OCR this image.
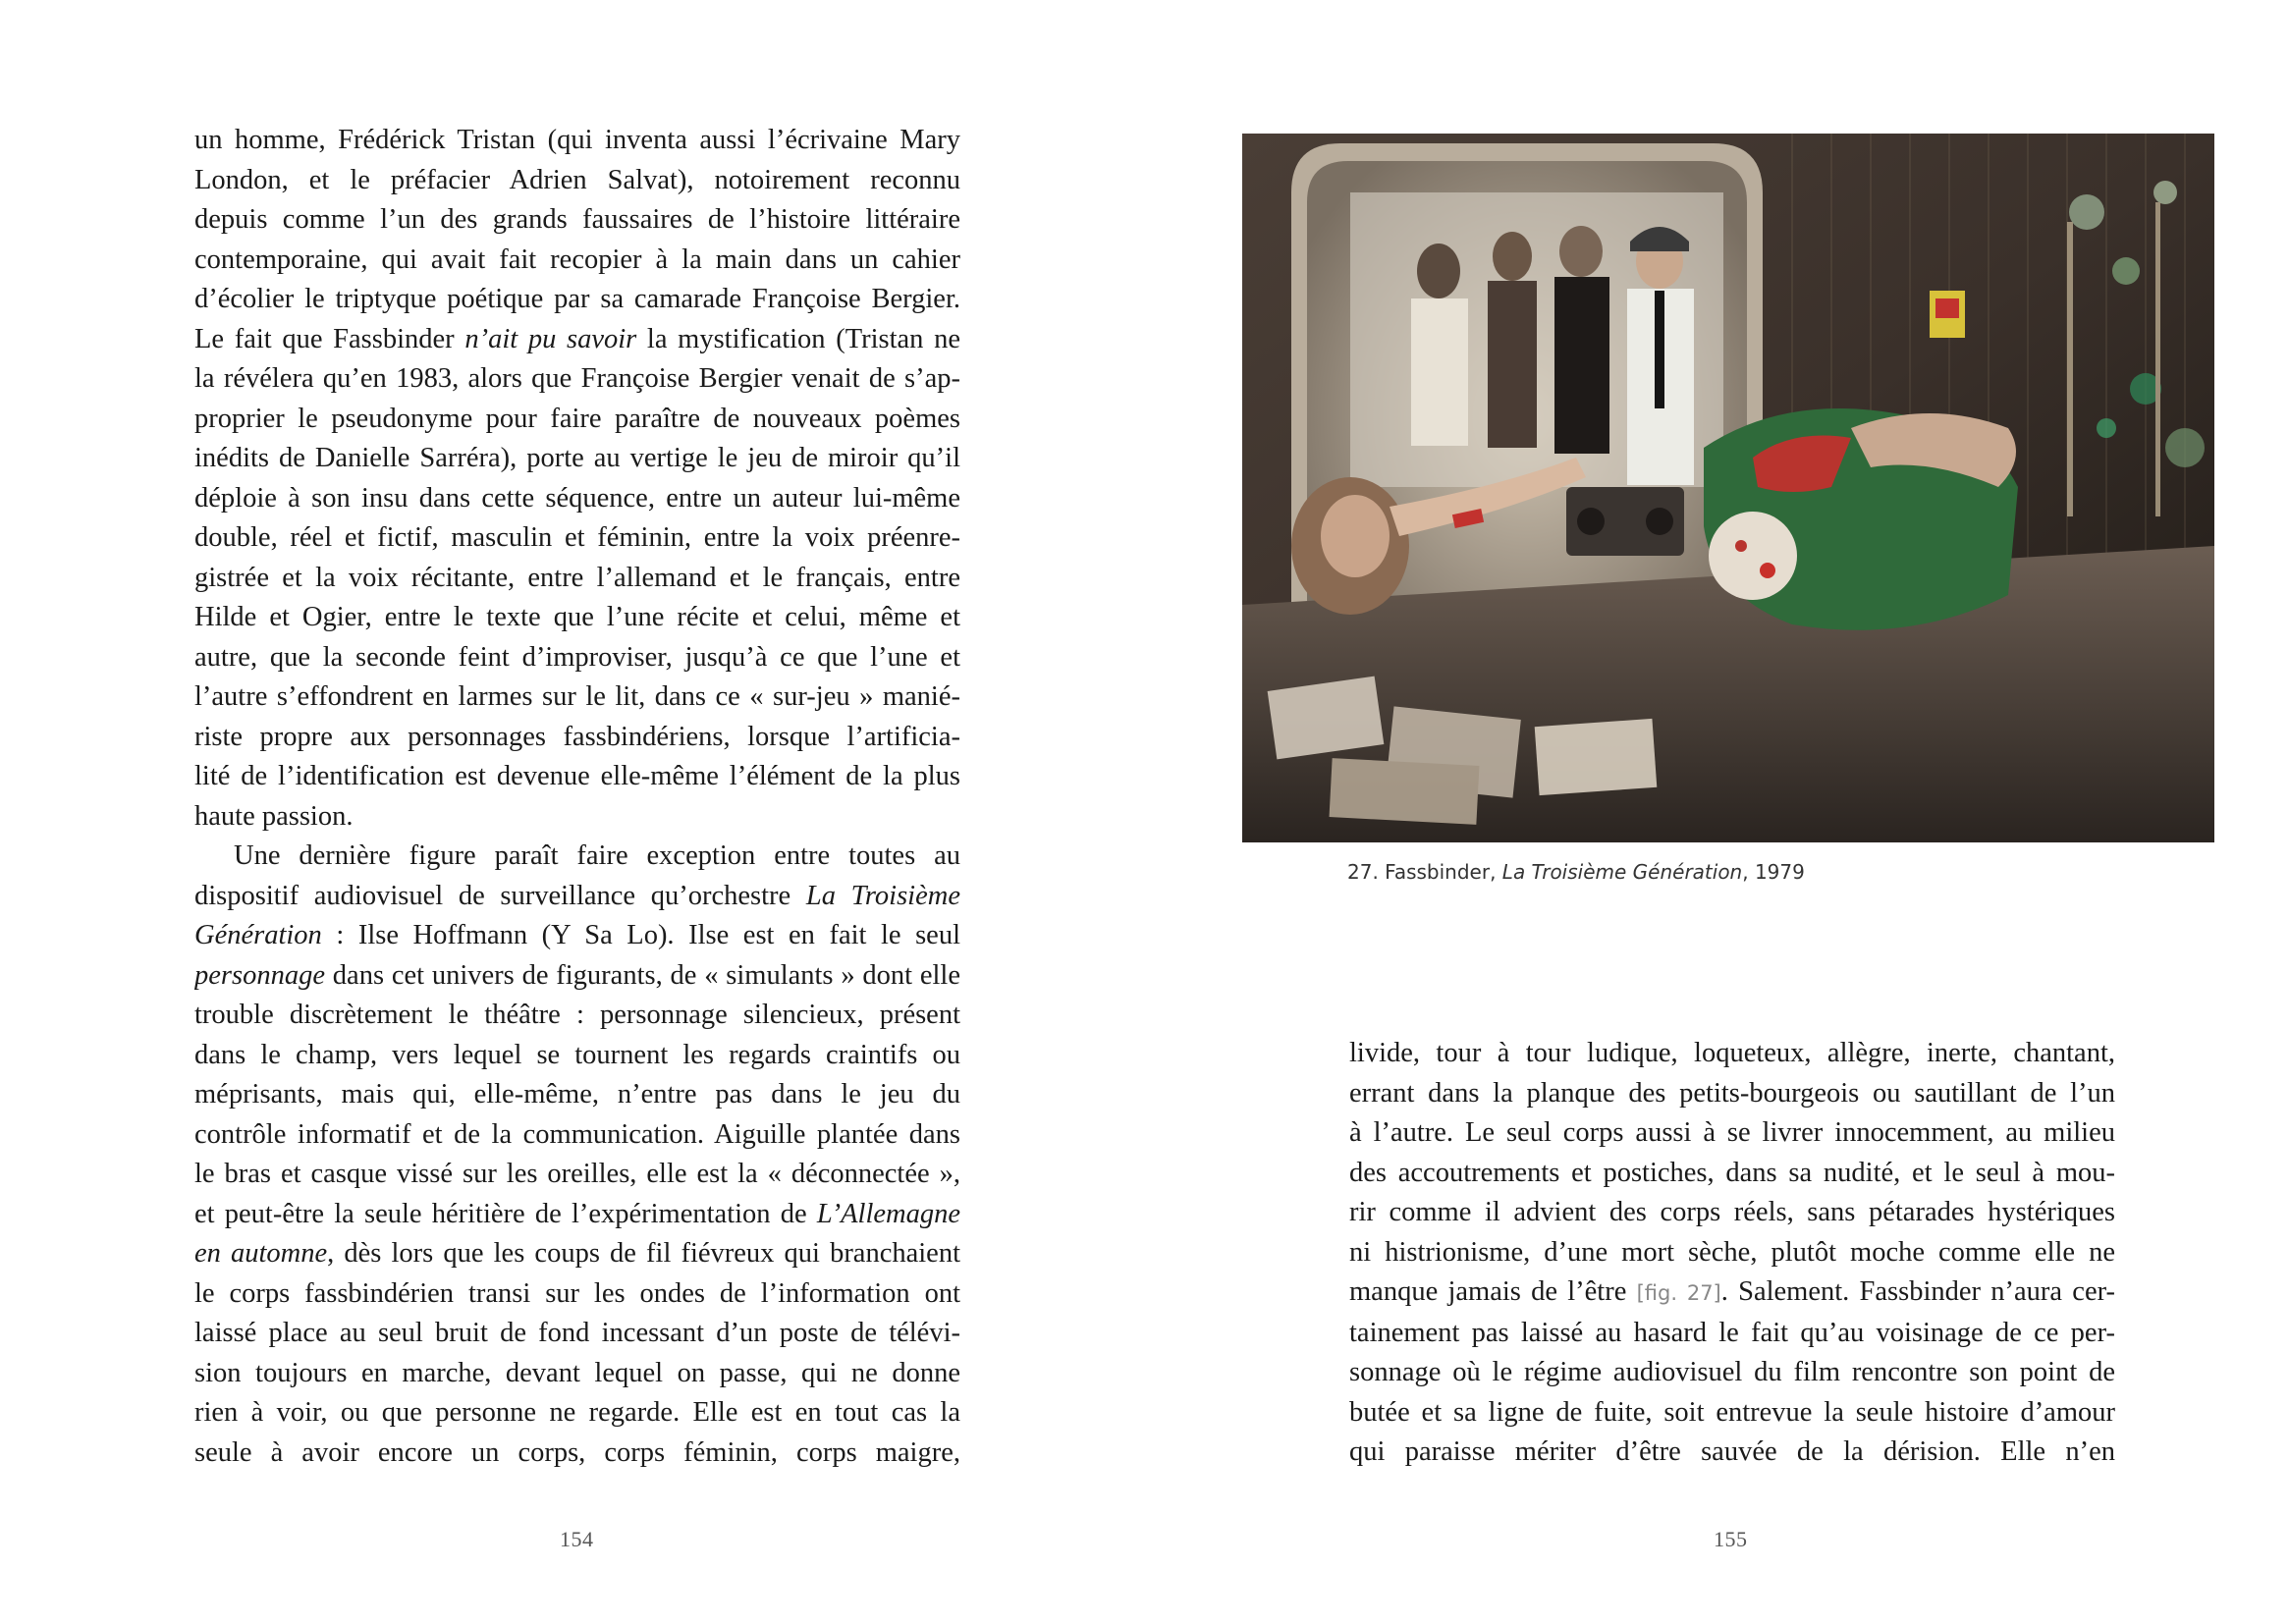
un homme, Frédérick Tristan (qui inventa aussi l’écrivaine Mary
London, et le préfacier Adrien Salvat), notoirement reconnu
depuis comme l’un des grands faussaires de l’histoire littéraire
contemporaine, qui avait fait recopier à la main dans un cahier
d’écolier le triptyque poétique par sa camarade Françoise Bergier.
Le fait que Fassbinder n’ait pu savoir la mystification (Tristan ne
la révélera qu’en 1983, alors que Françoise Bergier venait de s’ap-
proprier le pseudonyme pour faire paraître de nouveaux poèmes
inédits de Danielle Sarréra), porte au vertige le jeu de miroir qu’il
déploie à son insu dans cette séquence, entre un auteur lui-même
double, réel et fictif, masculin et féminin, entre la voix préenre-
gistrée et la voix récitante, entre l’allemand et le français, entre
Hilde et Ogier, entre le texte que l’une récite et celui, même et
autre, que la seconde feint d’improviser, jusqu’à ce que l’une et
l’autre s’effondrent en larmes sur le lit, dans ce « sur-jeu » manié-
riste propre aux personnages fassbindériens, lorsque l’artificia-
lité de l’identification est devenue elle-même l’élément de la plus
haute passion.
Une dernière figure paraît faire exception entre toutes au
dispositif audiovisuel de surveillance qu’orchestre La Troisième
Génération : Ilse Hoffmann (Y Sa Lo). Ilse est en fait le seul
personnage dans cet univers de figurants, de « simulants » dont elle
trouble discrètement le théâtre : personnage silencieux, présent
dans le champ, vers lequel se tournent les regards craintifs ou
méprisants, mais qui, elle-même, n’entre pas dans le jeu du
contrôle informatif et de la communication. Aiguille plantée dans
le bras et casque vissé sur les oreilles, elle est la « déconnectée »,
et peut-être la seule héritière de l’expérimentation de L’Allemagne
en automne, dès lors que les coups de fil fiévreux qui branchaient
le corps fassbindérien transi sur les ondes de l’information ont
laissé place au seul bruit de fond incessant d’un poste de télévi-
sion toujours en marche, devant lequel on passe, qui ne donne
rien à voir, ou que personne ne regarde. Elle est en tout cas la
seule à avoir encore un corps, corps féminin, corps maigre,
154
27. Fassbinder, La Troisième Génération, 1979
livide, tour à tour ludique, loqueteux, allègre, inerte, chantant,
errant dans la planque des petits-bourgeois ou sautillant de l’un
à l’autre. Le seul corps aussi à se livrer innocemment, au milieu
des accoutrements et postiches, dans sa nudité, et le seul à mou-
rir comme il advient des corps réels, sans pétarades hystériques
ni histrionisme, d’une mort sèche, plutôt moche comme elle ne
manque jamais de l’être [fig. 27]. Salement. Fassbinder n’aura cer-
tainement pas laissé au hasard le fait qu’au voisinage de ce per-
sonnage où le régime audiovisuel du film rencontre son point de
butée et sa ligne de fuite, soit entrevue la seule histoire d’amour
qui paraisse mériter d’être sauvée de la dérision. Elle n’en
155
